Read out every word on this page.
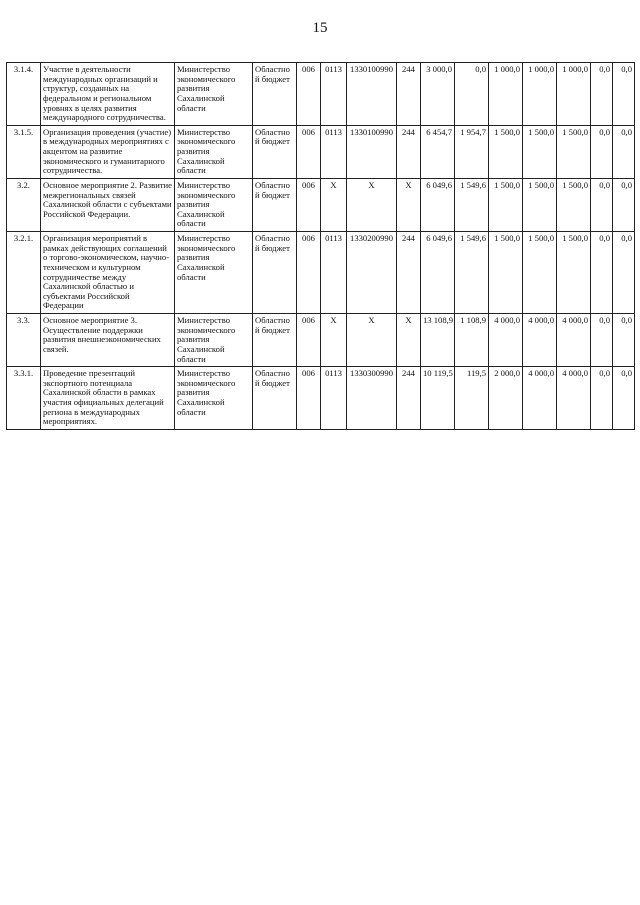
15
3.1.4.	Участие в деятельности международных организаций и структур, созданных на федеральном и региональном уровнях в целях развития международного сотрудничества.	Министерство экономического развития Сахалинской области	Областной бюджет	006	0113	1330100990	244	3 000,0	0,0	1 000,0	1 000,0	1 000,0	0,0	0,0
3.1.5.	Организация проведения (участие) в международных мероприятиях с акцентом на развитие экономического и гуманитарного сотрудничества.	Министерство экономического развития Сахалинской области	Областной бюджет	006	0113	1330100990	244	6 454,7	1 954,7	1 500,0	1 500,0	1 500,0	0,0	0,0
3.2.	Основное мероприятие 2. Развитие межрегиональных связей Сахалинской области с субъектами Российской Федерации.	Министерство экономического развития Сахалинской области	Областной бюджет	006	X	X	X	6 049,6	1 549,6	1 500,0	1 500,0	1 500,0	0,0	0,0
3.2.1.	Организация мероприятий в рамках действующих соглашений о торгово-экономическом, научно-техническом и культурном сотрудничестве между Сахалинской областью и субъектами Российской Федерации	Министерство экономического развития Сахалинской области	Областной бюджет	006	0113	1330200990	244	6 049,6	1 549,6	1 500,0	1 500,0	1 500,0	0,0	0,0
3.3.	Основное мероприятие 3. Осуществление поддержки развития внешнеэкономических связей.	Министерство экономического развития Сахалинской области	Областной бюджет	006	X	X	X	13 108,9	1 108,9	4 000,0	4 000,0	4 000,0	0,0	0,0
3.3.1.	Проведение презентаций экспортного потенциала Сахалинской области в рамках участия официальных делегаций региона в международных мероприятиях.	Министерство экономического развития Сахалинской области	Областной бюджет	006	0113	1330300990	244	10 119,5	119,5	2 000,0	4 000,0	4 000,0	0,0	0,0
